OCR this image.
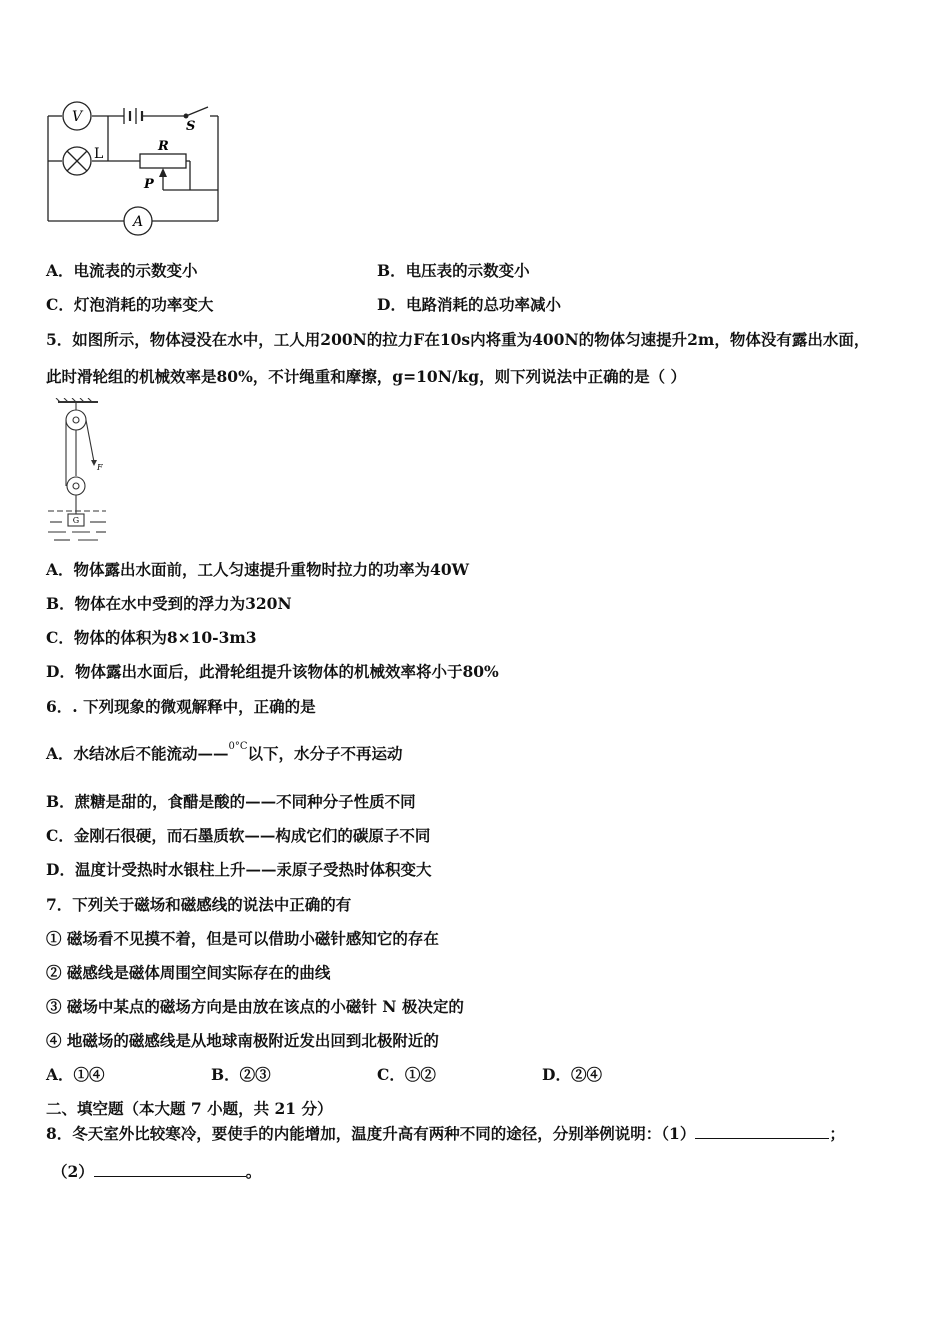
V
A
L
S
R
P
A．电流表的示数变小	B．电压表的示数变小
C．灯泡消耗的功率变大	D．电路消耗的总功率减小
5．如图所示，物体浸没在水中，工人用200N的拉力F在10s内将重为400N的物体匀速提升2m，物体没有露出水面，
此时滑轮组的机械效率是80%，不计绳重和摩擦，g=10N/kg，则下列说法中正确的是（ ）
F
G
A．物体露出水面前，工人匀速提升重物时拉力的功率为40W
B．物体在水中受到的浮力为320N
C．物体的体积为8×10-3m3
D．物体露出水面后，此滑轮组提升该物体的机械效率将小于80%
6．. 下列现象的微观解释中，正确的是
A．水结冰后不能流动——$^{0^\circ C}$以下，水分子不再运动
B．蔗糖是甜的，食醋是酸的——不同种分子性质不同
C．金刚石很硬，而石墨质软——构成它们的碳原子不同
D．温度计受热时水银柱上升——汞原子受热时体积变大
7．下列关于磁场和磁感线的说法中正确的有
① 磁场看不见摸不着，但是可以借助小磁针感知它的存在
② 磁感线是磁体周围空间实际存在的曲线
③ 磁场中某点的磁场方向是由放在该点的小磁针 N 极决定的
④ 地磁场的磁感线是从地球南极附近发出回到北极附近的
A．①④	B．②③	C．①②	D．②④
二、填空题（本大题 7 小题，共 21 分）
8．冬天室外比较寒冷，要使手的内能增加，温度升高有两种不同的途径，分别举例说明：（1）	；
（2）	。
